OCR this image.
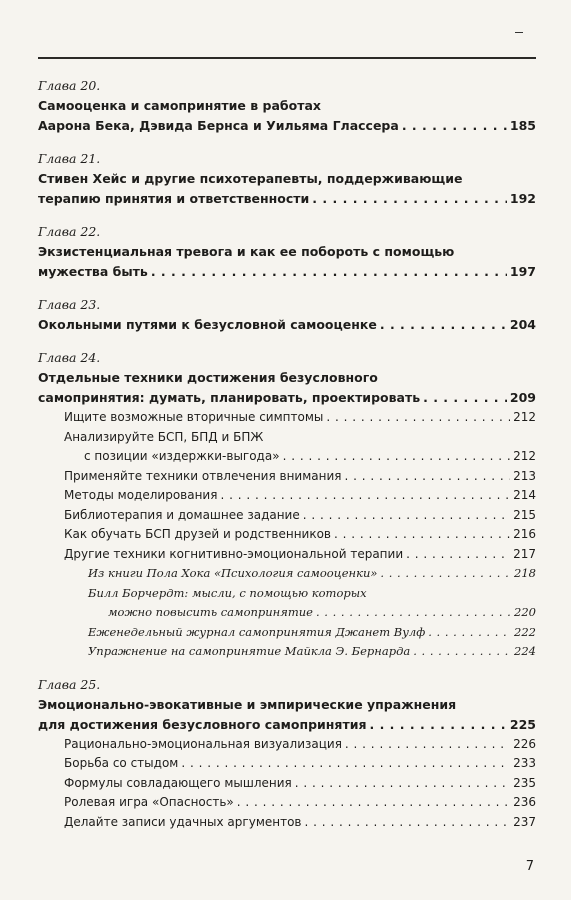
Глава 20.
Самооценка и самопринятие в работах
Аарона Бека, Дэвида Бернса и Уильяма Глассера . . .	185
Глава 21.
Стивен Хейс и другие психотерапевты, поддерживающие
терапию принятия и ответственности . . .	192
Глава 22.
Экзистенциальная тревога и как ее побороть с помощью
мужества быть . . .	197
Глава 23.
Окольными путями к безусловной самооценке . . .	204
Глава 24.
Отдельные техники достижения безусловного
самопринятия: думать, планировать, проектировать . . .	209
Ищите возможные вторичные симптомы . . .	212
Анализируйте БСП, БПД и БПЖ
с позиции «издержки-выгода» . . .	212
Применяйте техники отвлечения внимания . . .	213
Методы моделирования . . .	214
Библиотерапия и домашнее задание . . .	215
Как обучать БСП друзей и родственников . . .	216
Другие техники когнитивно-эмоциональной терапии . . .	217
Из книги Пола Хока «Психология самооценки» . . .	218
Билл Борчердт: мысли, с помощью которых
можно повысить самопринятие . . .	220
Еженедельный журнал самопринятия Джанет Вулф . . .	222
Упражнение на самопринятие Майкла Э. Бернарда . . .	224
Глава 25.
Эмоционально-эвокативные и эмпирические упражнения
для достижения безусловного самопринятия . . .	225
Рационально-эмоциональная визуализация . . .	226
Борьба со стыдом . . .	233
Формулы совладающего мышления . . .	235
Ролевая игра «Опасность» . . .	236
Делайте записи удачных аргументов . . .	237
7
